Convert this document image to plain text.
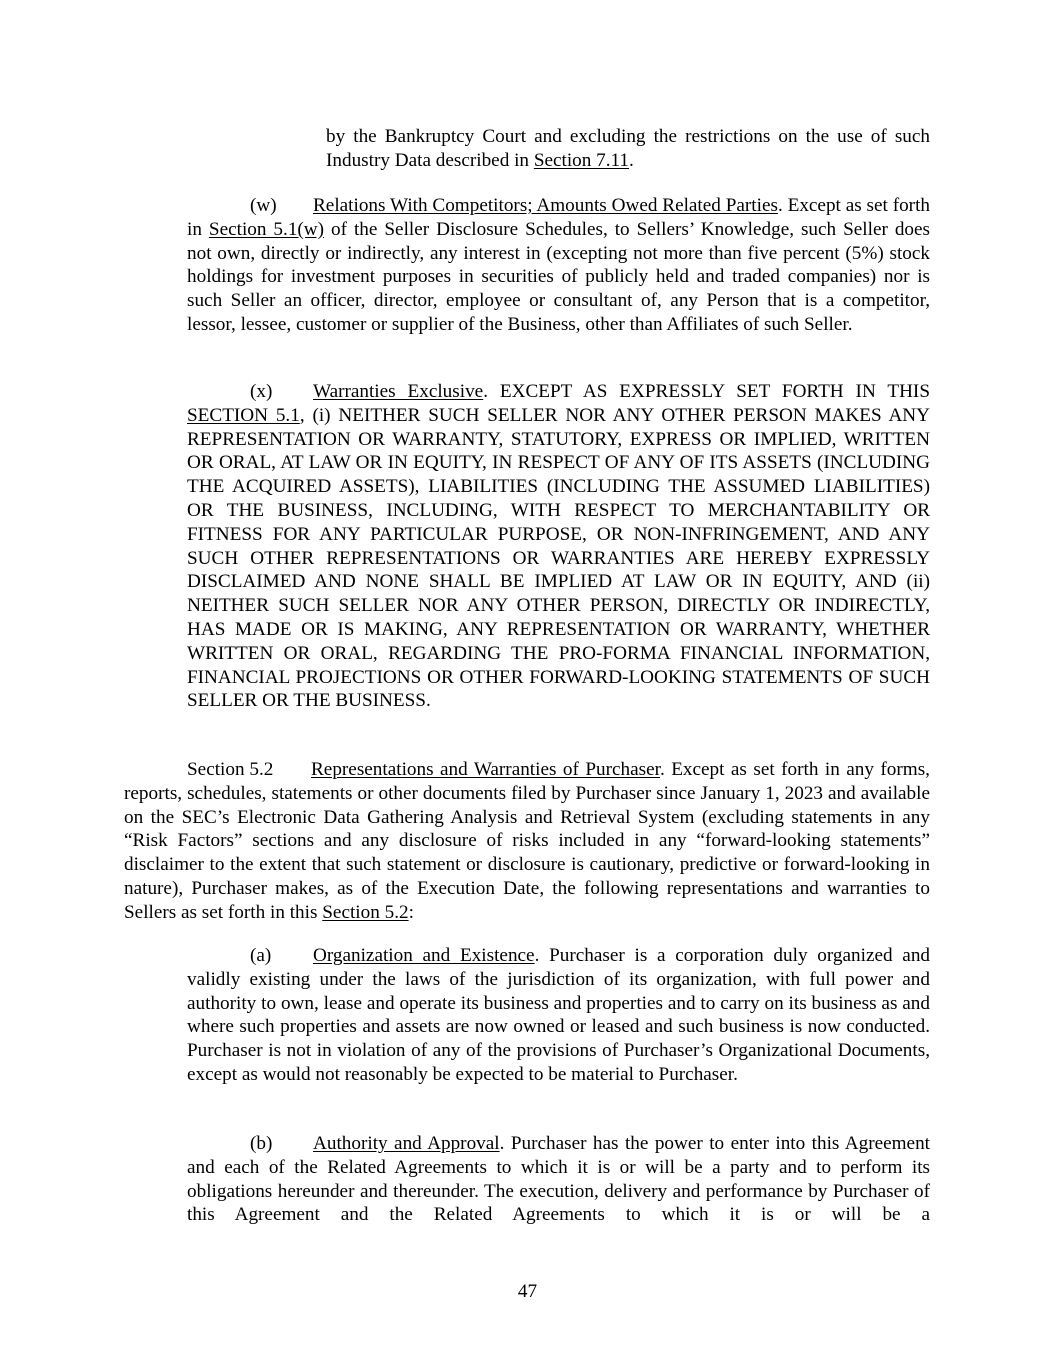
by the Bankruptcy Court and excluding the restrictions on the use of such Industry Data described in Section 7.11.

(w) Relations With Competitors; Amounts Owed Related Parties. Except as set forth in Section 5.1(w) of the Seller Disclosure Schedules, to Sellers’ Knowledge, such Seller does not own, directly or indirectly, any interest in (excepting not more than five percent (5%) stock holdings for investment purposes in securities of publicly held and traded companies) nor is such Seller an officer, director, employee or consultant of, any Person that is a competitor, lessor, lessee, customer or supplier of the Business, other than Affiliates of such Seller.

(x) Warranties Exclusive. EXCEPT AS EXPRESSLY SET FORTH IN THIS SECTION 5.1, (i) NEITHER SUCH SELLER NOR ANY OTHER PERSON MAKES ANY REPRESENTATION OR WARRANTY, STATUTORY, EXPRESS OR IMPLIED, WRITTEN OR ORAL, AT LAW OR IN EQUITY, IN RESPECT OF ANY OF ITS ASSETS (INCLUDING THE ACQUIRED ASSETS), LIABILITIES (INCLUDING THE ASSUMED LIABILITIES) OR THE BUSINESS, INCLUDING, WITH RESPECT TO MERCHANTABILITY OR FITNESS FOR ANY PARTICULAR PURPOSE, OR NON-INFRINGEMENT, AND ANY SUCH OTHER REPRESENTATIONS OR WARRANTIES ARE HEREBY EXPRESSLY DISCLAIMED AND NONE SHALL BE IMPLIED AT LAW OR IN EQUITY, AND (ii) NEITHER SUCH SELLER NOR ANY OTHER PERSON, DIRECTLY OR INDIRECTLY, HAS MADE OR IS MAKING, ANY REPRESENTATION OR WARRANTY, WHETHER WRITTEN OR ORAL, REGARDING THE PRO-FORMA FINANCIAL INFORMATION, FINANCIAL PROJECTIONS OR OTHER FORWARD-LOOKING STATEMENTS OF SUCH SELLER OR THE BUSINESS.

Section 5.2 Representations and Warranties of Purchaser. Except as set forth in any forms, reports, schedules, statements or other documents filed by Purchaser since January 1, 2023 and available on the SEC’s Electronic Data Gathering Analysis and Retrieval System (excluding statements in any “Risk Factors” sections and any disclosure of risks included in any “forward-looking statements” disclaimer to the extent that such statement or disclosure is cautionary, predictive or forward-looking in nature), Purchaser makes, as of the Execution Date, the following representations and warranties to Sellers as set forth in this Section 5.2:

(a) Organization and Existence. Purchaser is a corporation duly organized and validly existing under the laws of the jurisdiction of its organization, with full power and authority to own, lease and operate its business and properties and to carry on its business as and where such properties and assets are now owned or leased and such business is now conducted. Purchaser is not in violation of any of the provisions of Purchaser’s Organizational Documents, except as would not reasonably be expected to be material to Purchaser.

(b) Authority and Approval. Purchaser has the power to enter into this Agreement and each of the Related Agreements to which it is or will be a party and to perform its obligations hereunder and thereunder. The execution, delivery and performance by Purchaser of this Agreement and the Related Agreements to which it is or will be a

47
